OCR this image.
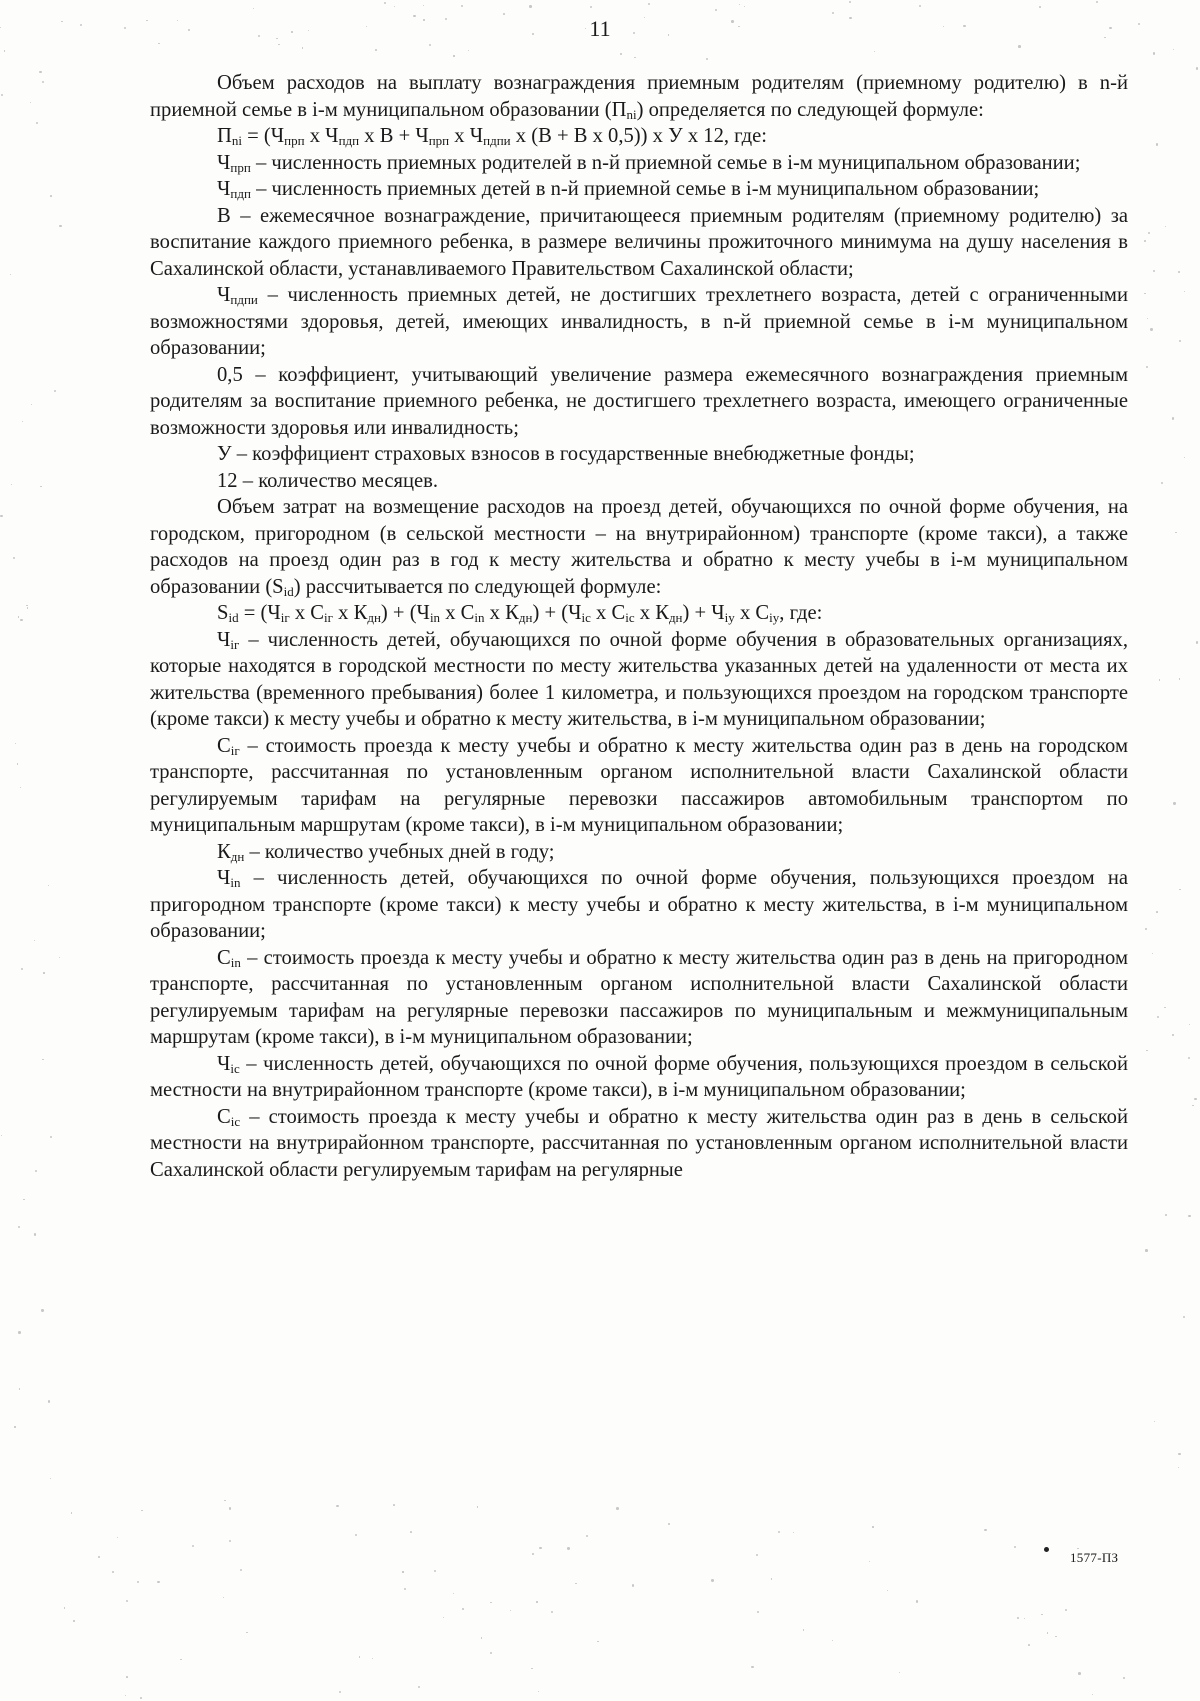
11

Объем расходов на выплату вознаграждения приемным родителям (приемному родителю) в n-й приемной семье в i-м муниципальном образовании $(П_{ni})$ определяется по следующей формуле:

$П_{ni} = (Ч_{прп}$ х $Ч_{пдп}$ х $В + Ч_{прп}$ х $Ч_{пдпи}$ х (В + В х 0,5)) х У х 12, где:

$Ч_{прп}$ – численность приемных родителей в n-й приемной семье в i-м муниципальном образовании;

$Ч_{пдп}$ – численность приемных детей в n-й приемной семье в i-м муниципальном образовании;

В – ежемесячное вознаграждение, причитающееся приемным родителям (приемному родителю) за воспитание каждого приемного ребенка, в размере величины прожиточного минимума на душу населения в Сахалинской области, устанавливаемого Правительством Сахалинской области;

$Ч_{пдпи}$ – численность приемных детей, не достигших трехлетнего возраста, детей с ограниченными возможностями здоровья, детей, имеющих инвалидность, в n-й приемной семье в i-м муниципальном образовании;

0,5 – коэффициент, учитывающий увеличение размера ежемесячного вознаграждения приемным родителям за воспитание приемного ребенка, не достигшего трехлетнего возраста, имеющего ограниченные возможности здоровья или инвалидность;

У – коэффициент страховых взносов в государственные внебюджетные фонды;

12 – количество месяцев.

Объем затрат на возмещение расходов на проезд детей, обучающихся по очной форме обучения, на городском, пригородном (в сельской местности – на внутрирайонном) транспорте (кроме такси), а также расходов на проезд один раз в год к месту жительства и обратно к месту учебы в i-м муниципальном образовании $(S_{id})$ рассчитывается по следующей формуле:

$S_{id} = (Ч_{iг}$ х $С_{iг}$ х $К_{дн}) + (Ч_{in}$ х $С_{in}$ х $К_{дн}) + (Ч_{ic}$ х $С_{ic}$ х $К_{дн}) + Ч_{iу}$ х $С_{iу}$, где:

$Ч_{iг}$ – численность детей, обучающихся по очной форме обучения в образовательных организациях, которые находятся в городской местности по месту жительства указанных детей на удаленности от места их жительства (временного пребывания) более 1 километра, и пользующихся проездом на городском транспорте (кроме такси) к месту учебы и обратно к месту жительства, в i-м муниципальном образовании;

$С_{iг}$ – стоимость проезда к месту учебы и обратно к месту жительства один раз в день на городском транспорте, рассчитанная по установленным органом исполнительной власти Сахалинской области регулируемым тарифам на регулярные перевозки пассажиров автомобильным транспортом по муниципальным маршрутам (кроме такси), в i-м муниципальном образовании;

$К_{дн}$ – количество учебных дней в году;

$Ч_{in}$ – численность детей, обучающихся по очной форме обучения, пользующихся проездом на пригородном транспорте (кроме такси) к месту учебы и обратно к месту жительства, в i-м муниципальном образовании;

$С_{in}$ – стоимость проезда к месту учебы и обратно к месту жительства один раз в день на пригородном транспорте, рассчитанная по установленным органом исполнительной власти Сахалинской области регулируемым тарифам на регулярные перевозки пассажиров по муниципальным и межмуниципальным маршрутам (кроме такси), в i-м муниципальном образовании;

$Ч_{ic}$ – численность детей, обучающихся по очной форме обучения, пользующихся проездом в сельской местности на внутрирайонном транспорте (кроме такси), в i-м муниципальном образовании;

$С_{ic}$ – стоимость проезда к месту учебы и обратно к месту жительства один раз в день в сельской местности на внутрирайонном транспорте, рассчитанная по установленным органом исполнительной власти Сахалинской области регулируемым тарифам на регулярные

1577-ПЗ
